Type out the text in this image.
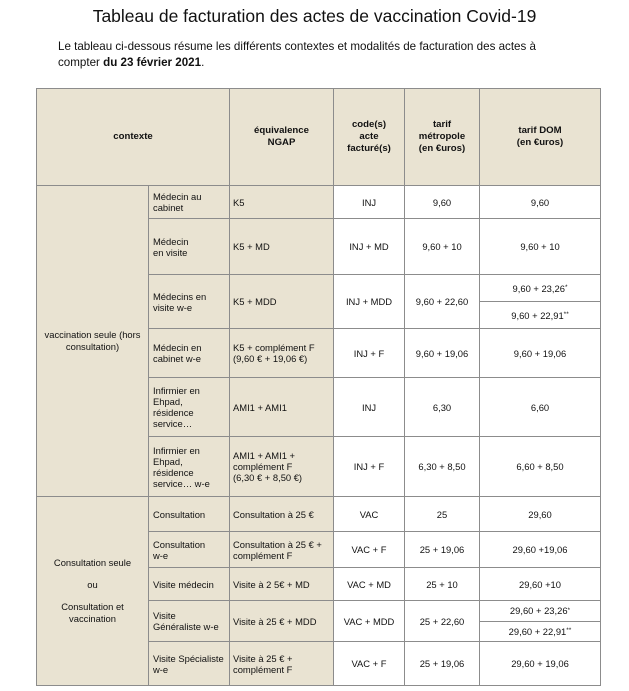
Tableau de facturation des actes de vaccination Covid-19
Le tableau ci-dessous résume les différents contextes et modalités de facturation des actes à compter du 23 février 2021.
contexte		équivalence NGAP	code(s) acte facturé(s)	tarif métropole (en €uros)	tarif DOM (en €uros)

vaccination seule (hors consultation)	Médecin au cabinet	K5	INJ	9,60	9,60

	Médecin en visite	K5 + MD	INJ + MD	9,60 + 10	9,60 + 10

	Médecins en visite w-e	K5 + MDD	INJ + MDD	9,60 + 22,60	9,60 + 23,26 *
9,60 + 22,91 **

	Médecin en cabinet w-e	K5 + complément F (9,60 € + 19,06 €)	INJ + F	9,60 + 19,06	9,60 + 19,06

	Infirmier en Ehpad, résidence service…	AMI1 + AMI1	INJ	6,30	6,60

	Infirmier en Ehpad, résidence service… w-e	AMI1 + AMI1 + complément F (6,30 € + 8,50 €)	INJ + F	6,30 + 8,50	6,60 + 8,50

Consultation seule
ou
Consultation et vaccination	Consultation	Consultation à 25 €	VAC	25	29,60

	Consultation w-e	Consultation à 25 € + complément F	VAC + F	25 + 19,06	29,60 +19,06
	Visite médecin	Visite à 2 5€ + MD	VAC + MD	25 + 10	29,60 +10

	Visite Généraliste w-e	Visite à 25 € + MDD	VAC + MDD	25 + 22,60	29,60 + 23,26 *
29,60 + 22,91 **

	Visite Spécialiste w-e	Visite à 25 € + complément F	VAC + F	25 + 19,06	29,60 + 19,06
